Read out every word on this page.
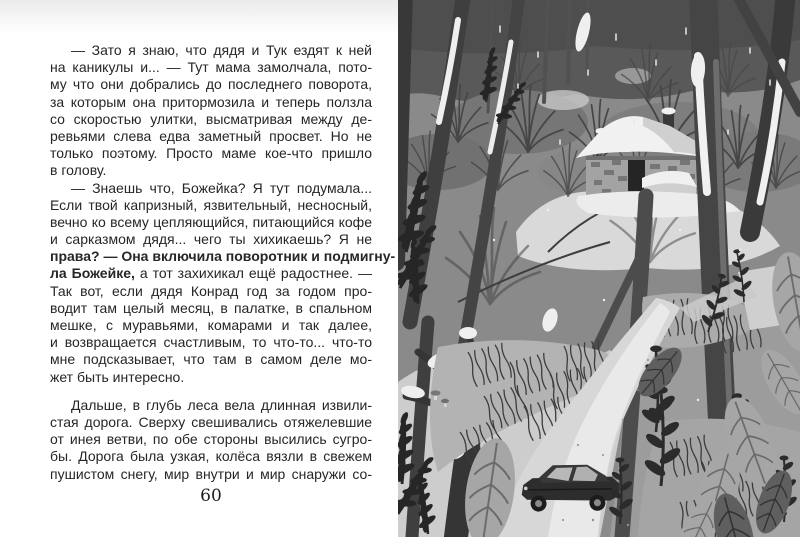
— Зато я знаю, что дядя и Тук ездят к ней
на каникулы и... — Тут мама замолчала, пото-
му что они добрались до последнего поворота,
за которым она притормозила и теперь ползла
со скоростью улитки, высматривая между де-
ревьями слева едва заметный просвет. Но не
только поэтому. Просто маме кое-что пришло
в голову.
— Знаешь что, Божейка? Я тут подумала...
Если твой капризный, язвительный, несносный,
вечно ко всему цепляющийся, питающийся кофе
и сарказмом дядя... чего ты хихикаешь? Я не
права? — Она включила поворотник и подмигну-
ла Божейке, а тот захихикал ещё радостнее. —
Так вот, если дядя Конрад год за годом про-
водит там целый месяц, в палатке, в спальном
мешке, с муравьями, комарами и так далее,
и возвращается счастливым, то что-то... что-то
мне подсказывает, что там в самом деле мо-
жет быть интересно.
Дальше, в глубь леса вела длинная извили-
стая дорога. Сверху свешивались отяжелевшие
от инея ветви, по обе стороны высились сугро-
бы. Дорога была узкая, колёса вязли в свежем
пушистом снегу, мир внутри и мир снаружи со-
60
